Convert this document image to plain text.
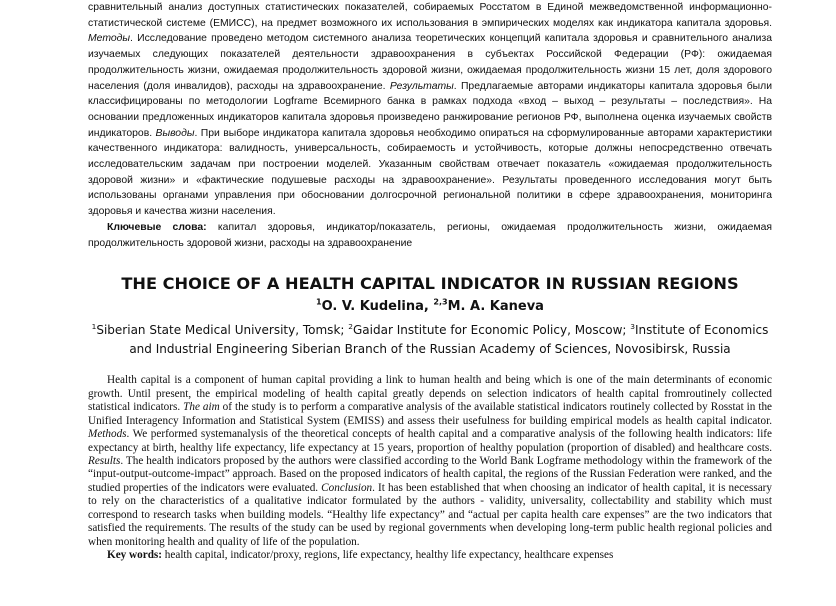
сравнительный анализ доступных статистических показателей, собираемых Росстатом в Единой межведомственной информационно-статистической системе (ЕМИСС), на предмет возможного их использования в эмпирических моделях как индикатора капитала здоровья. Методы. Исследование проведено методом системного анализа теоретических концепций капитала здоровья и сравнительного анализа изучаемых следующих показателей деятельности здравоохранения в субъектах Российской Федерации (РФ): ожидаемая продолжительность жизни, ожидаемая продолжительность здоровой жизни, ожидаемая продолжительность жизни 15 лет, доля здорового населения (доля инвалидов), расходы на здравоохранение. Результаты. Предлагаемые авторами индикаторы капитала здоровья были классифицированы по методологии Logframe Всемирного банка в рамках подхода «вход – выход – результаты – последствия». На основании предложенных индикаторов капитала здоровья произведено ранжирование регионов РФ, выполнена оценка изучаемых свойств индикаторов. Выводы. При выборе индикатора капитала здоровья необходимо опираться на сформулированные авторами характеристики качественного индикатора: валидность, универсальность, собираемость и устойчивость, которые должны непосредственно отвечать исследовательским задачам при построении моделей. Указанным свойствам отвечает показатель «ожидаемая продолжительность здоровой жизни» и «фактические подушевые расходы на здравоохранение». Результаты проведенного исследования могут быть использованы органами управления при обосновании долгосрочной региональной политики в сфере здравоохранения, мониторинга здоровья и качества жизни населения.

Ключевые слова: капитал здоровья, индикатор/показатель, регионы, ожидаемая продолжительность жизни, ожидаемая продолжительность здоровой жизни, расходы на здравоохранение

THE CHOICE OF A HEALTH CAPITAL INDICATOR IN RUSSIAN REGIONS
$^1$O. V. Kudelina, $^{2,3}$M. A. Kaneva
$^1$Siberian State Medical University, Tomsk; $^2$Gaidar Institute for Economic Policy, Moscow; $^3$Institute of Economics and Industrial Engineering Siberian Branch of the Russian Academy of Sciences, Novosibirsk, Russia

Health capital is a component of human capital providing a link to human health and being which is one of the main determinants of economic growth. Until present, the empirical modeling of health capital greatly depends on selection indicators of health capital fromroutinely collected statistical indicators. The aim of the study is to perform a comparative analysis of the available statistical indicators routinely collected by Rosstat in the Unified Interagency Information and Statistical System (EMISS) and assess their usefulness for building empirical models as health capital indicator. Methods. We performed systemanalysis of the theoretical concepts of health capital and a comparative analysis of the following health indicators: life expectancy at birth, healthy life expectancy, life expectancy at 15 years, proportion of healthy population (proportion of disabled) and healthcare costs. Results. The health indicators proposed by the authors were classified according to the World Bank Logframe methodology within the framework of the “input-output-outcome-impact” approach. Based on the proposed indicators of health capital, the regions of the Russian Federation were ranked, and the studied properties of the indicators were evaluated. Conclusion. It has been established that when choosing an indicator of health capital, it is necessary to rely on the characteristics of a qualitative indicator formulated by the authors - validity, universality, collectability and stability which must correspond to research tasks when building models. “Healthy life expectancy” and “actual per capita health care expenses” are the two indicators that satisfied the requirements. The results of the study can be used by regional governments when developing long-term public health regional policies and when monitoring health and quality of life of the population.

Key words: health capital, indicator/proxy, regions, life expectancy, healthy life expectancy, healthcare expenses
